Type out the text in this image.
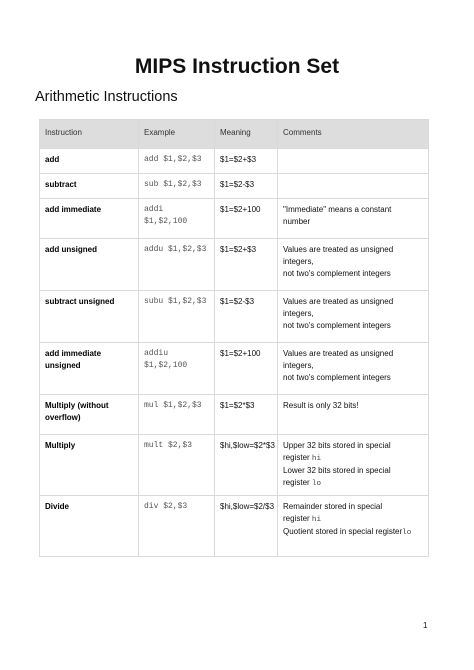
MIPS Instruction Set
Arithmetic Instructions
Instruction	Example	Meaning	Comments
add	add $1,$2,$3	$1=$2+$3	
subtract	sub $1,$2,$3	$1=$2-$3	
add immediate	addi $1,$2,100	$1=$2+100	"Immediate" means a constant
number

add unsigned	addu $1,$2,$3	$1=$2+$3	Values are treated as unsigned
integers,
not two's complement integers

subtract unsigned	subu $1,$2,$3	$1=$2-$3	Values are treated as unsigned
integers,
not two's complement integers

add immediate unsigned	addiu $1,$2,100	$1=$2+100	Values are treated as unsigned
integers,
not two's complement integers

Multiply (without overflow)	mul $1,$2,$3	$1=$2*$3	Result is only 32 bits!

Multiply	mult $2,$3	$hi,$low=$2*$3	Upper 32 bits stored in special
register hi
Lower 32 bits stored in special
register lo

Divide	div $2,$3	$hi,$low=$2/$3	Remainder stored in special
register hi
Quotient stored in special registerlo
1
